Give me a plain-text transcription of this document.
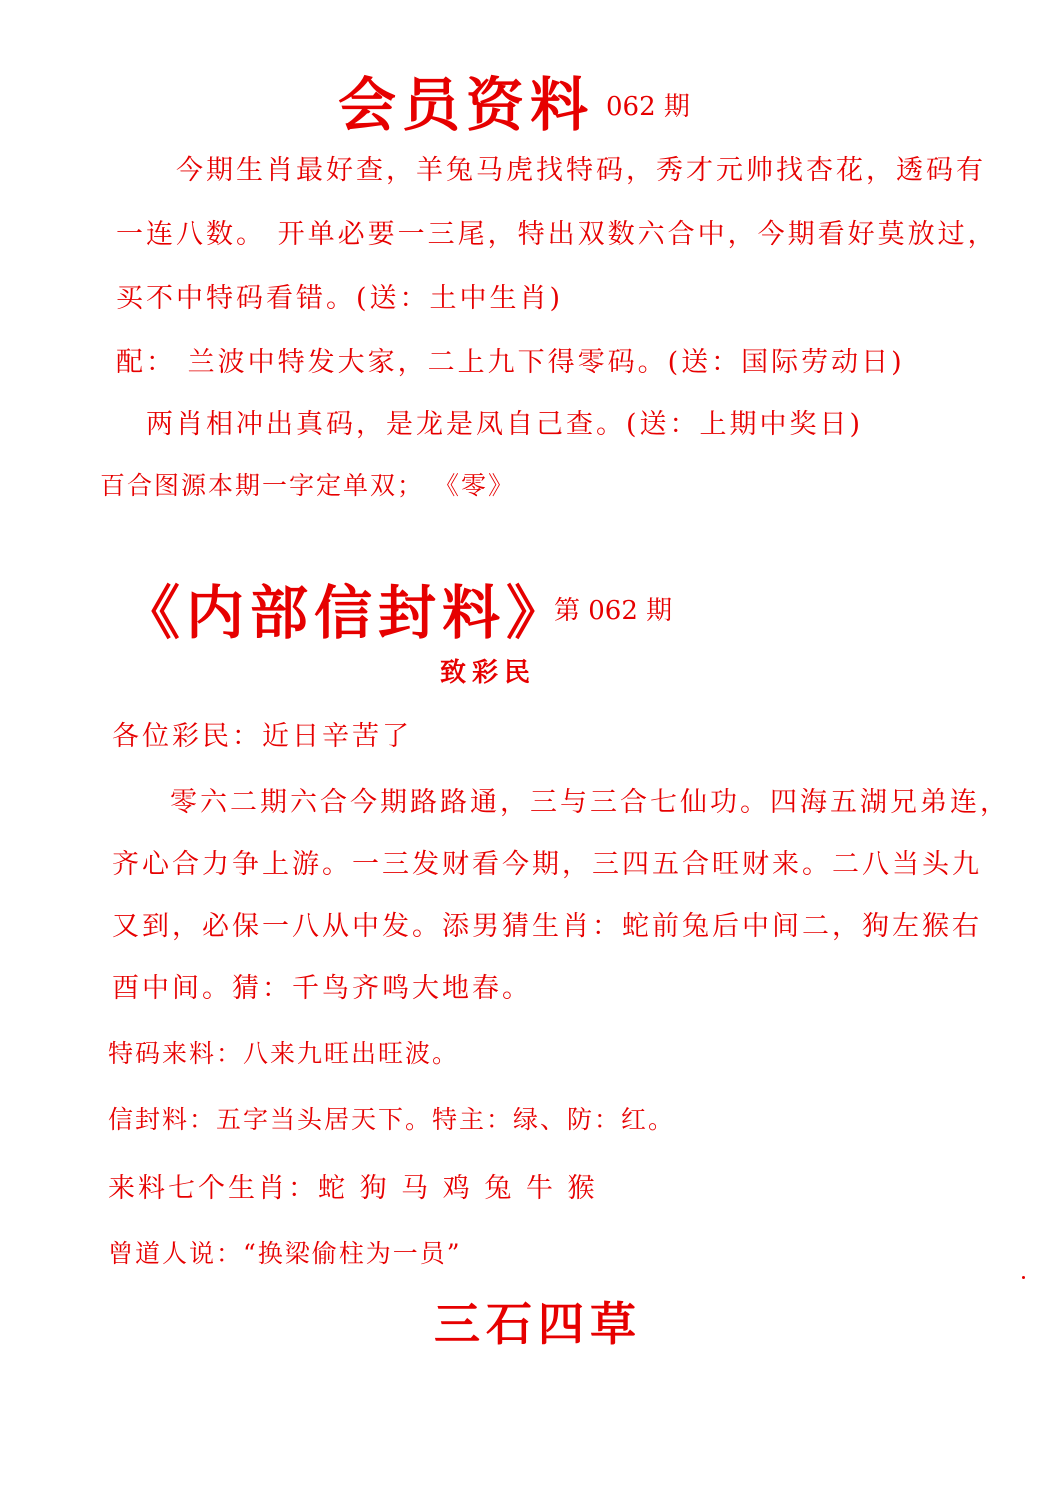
会员资料 062 期
今期生肖最好查，羊兔马虎找特码，秀才元帅找杏花，透码有
一连八数。 开单必要一三尾，特出双数六合中，今期看好莫放过，
买不中特码看错。(送：土中生肖)
配： 兰波中特发大家，二上九下得零码。(送：国际劳动日)
两肖相冲出真码，是龙是凤自己查。(送：上期中奖日)
百合图源本期一字定单双； 《零》
《内部信封料》
第 062 期
致彩民
各位彩民：近日辛苦了
零六二期六合今期路路通，三与三合七仙功。四海五湖兄弟连，
齐心合力争上游。一三发财看今期，三四五合旺财来。二八当头九
又到，必保一八从中发。添男猜生肖：蛇前兔后中间二，狗左猴右
酉中间。猜：千鸟齐鸣大地春。
特码来料：八来九旺出旺波。
信封料：五字当头居天下。特主：绿、防：红。
来料七个生肖：蛇 狗 马 鸡 兔 牛 猴
曾道人说：“换梁偷柱为一员”
三石四草
